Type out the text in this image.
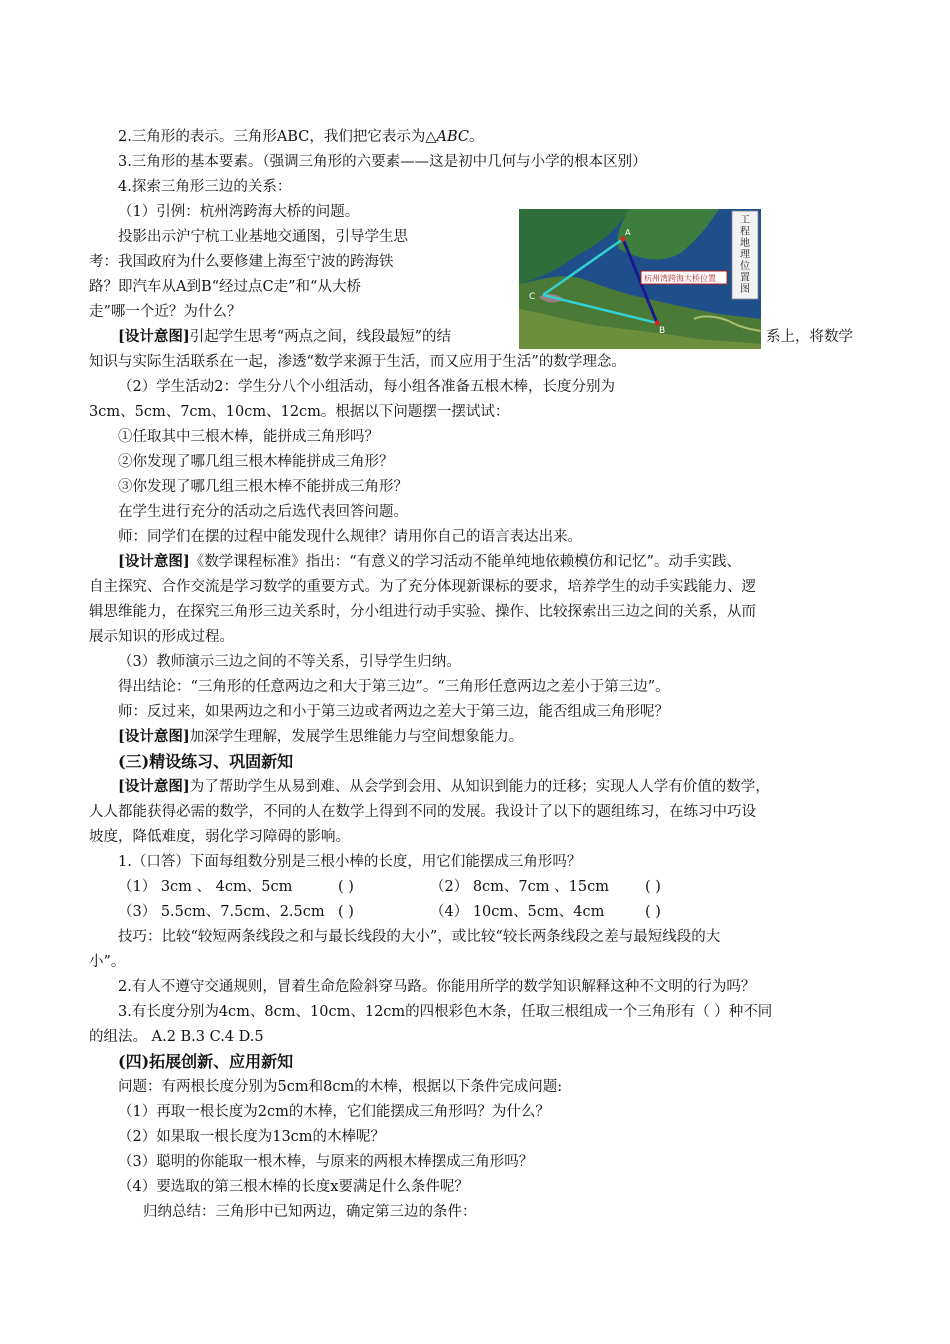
2.三角形的表示。三角形ABC，我们把它表示为△ABC。
3.三角形的基本要素。（强调三角形的六要素——这是初中几何与小学的根本区别）
4.探索三角形三边的关系：
（1）引例：杭州湾跨海大桥的问题。
投影出示沪宁杭工业基地交通图，引导学生思
考：我国政府为什么要修建上海至宁波的跨海铁
路？即汽车从A到B“经过点C走”和“从大桥
走”哪一个近？为什么？
[设计意图]引起学生思考“两点之间，线段最短”的结	系上，将数学
知识与实际生活联系在一起，渗透“数学来源于生活，而又应用于生活”的数学理念。
（2）学生活动2：学生分八个小组活动，每小组各准备五根木棒，长度分别为
3cm、5cm、7cm、10cm、12cm。根据以下问题摆一摆试试：
①任取其中三根木棒，能拼成三角形吗？
②你发现了哪几组三根木棒能拼成三角形？
③你发现了哪几组三根木棒不能拼成三角形？
在学生进行充分的活动之后选代表回答问题。
师：同学们在摆的过程中能发现什么规律？请用你自己的语言表达出来。
[设计意图]《数学课程标准》指出：“有意义的学习活动不能单纯地依赖模仿和记忆”。动手实践、
自主探究、合作交流是学习数学的重要方式。为了充分体现新课标的要求，培养学生的动手实践能力、逻
辑思维能力，在探究三角形三边关系时，分小组进行动手实验、操作、比较探索出三边之间的关系，从而
展示知识的形成过程。
（3）教师演示三边之间的不等关系，引导学生归纳。
得出结论：“三角形的任意两边之和大于第三边”。“三角形任意两边之差小于第三边”。
师：反过来，如果两边之和小于第三边或者两边之差大于第三边，能否组成三角形呢？
[设计意图]加深学生理解，发展学生思维能力与空间想象能力。
(三)精设练习、巩固新知
[设计意图]为了帮助学生从易到难、从会学到会用、从知识到能力的迁移；实现人人学有价值的数学，
人人都能获得必需的数学，不同的人在数学上得到不同的发展。我设计了以下的题组练习，在练习中巧设
坡度，降低难度，弱化学习障碍的影响。
1.（口答）下面每组数分别是三根小棒的长度，用它们能摆成三角形吗？
（1） 3cm 、 4cm、5cm	( )	（2） 8cm、7cm 、15cm ( )
（3） 5.5cm、7.5cm、2.5cm ( )	（4） 10cm、5cm、4cm	( )
技巧：比较“较短两条线段之和与最长线段的大小”，或比较“较长两条线段之差与最短线段的大
小”。
2.有人不遵守交通规则，冒着生命危险斜穿马路。你能用所学的数学知识解释这种不文明的行为吗？
3.有长度分别为4cm、8cm、10cm、12cm的四根彩色木条，任取三根组成一个三角形有（ ）种不同
的组法。 A.2 B.3 C.4 D.5
(四)拓展创新、应用新知
问题：有两根长度分别为5cm和8cm的木棒，根据以下条件完成问题:
（1）再取一根长度为2cm的木棒，它们能摆成三角形吗？为什么？
（2）如果取一根长度为13cm的木棒呢？
（3）聪明的你能取一根木棒，与原来的两根木棒摆成三角形吗？
（4）要选取的第三根木棒的长度x要满足什么条件呢？
归纳总结：三角形中已知两边，确定第三边的条件：
A
B
C
杭州湾跨海大桥位置
工
程
地
理
位
置
图
